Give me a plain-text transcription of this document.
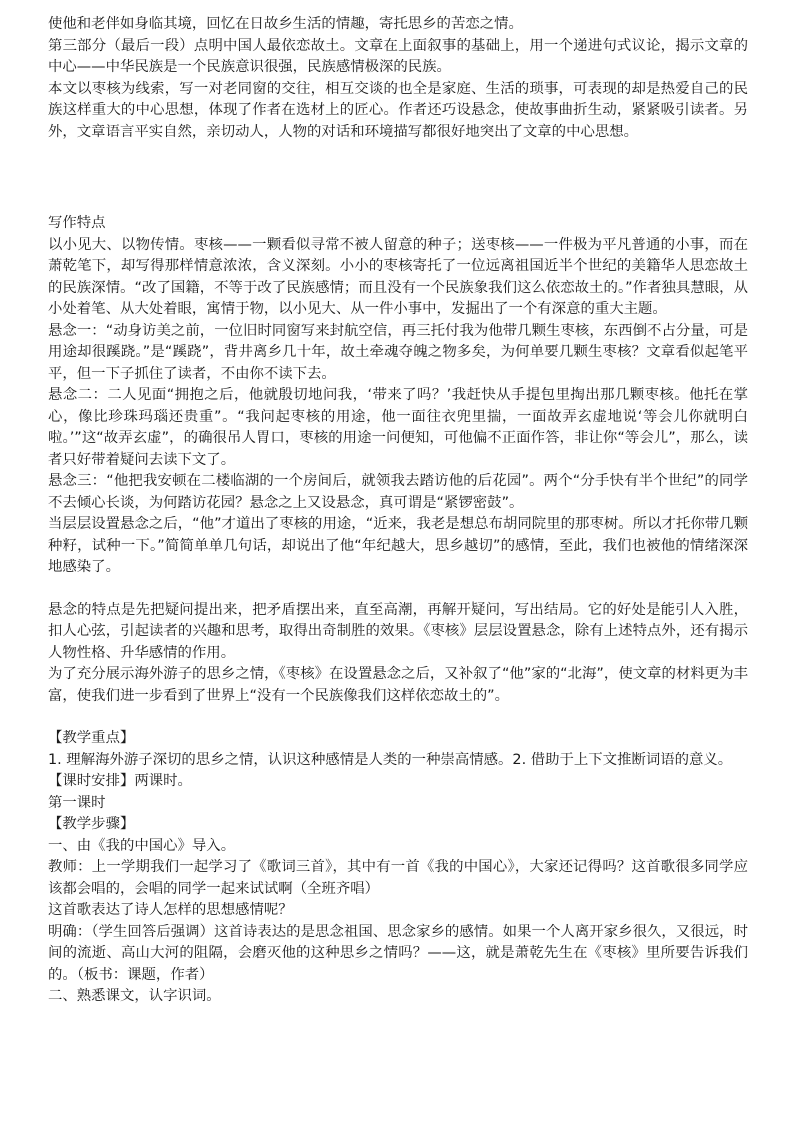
使他和老伴如身临其境，回忆在日故乡生活的情趣，寄托思乡的苦恋之情。

第三部分（最后一段）点明中国人最依恋故土。文章在上面叙事的基础上，用一个递进句式议论，揭示文章的中心——中华民族是一个民族意识很强，民族感情极深的民族。

本文以枣核为线索，写一对老同窗的交往，相互交谈的也全是家庭、生活的琐事，可表现的却是热爱自己的民族这样重大的中心思想，体现了作者在选材上的匠心。作者还巧设悬念，使故事曲折生动，紧紧吸引读者。另外，文章语言平实自然，亲切动人，人物的对话和环境描写都很好地突出了文章的中心思想。

写作特点

以小见大、以物传情。枣核——一颗看似寻常不被人留意的种子；送枣核——一件极为平凡普通的小事，而在萧乾笔下，却写得那样情意浓浓，含义深刻。小小的枣核寄托了一位远离祖国近半个世纪的美籍华人思恋故土的民族深情。“改了国籍，不等于改了民族感情；而且没有一个民族象我们这么依恋故土的。”作者独具慧眼，从小处着笔、从大处着眼，寓情于物，以小见大、从一件小事中，发掘出了一个有深意的重大主题。

悬念一：“动身访美之前，一位旧时同窗写来封航空信，再三托付我为他带几颗生枣核，东西倒不占分量，可是用途却很蹊跷。”是“蹊跷”，背井离乡几十年，故土牵魂夺魄之物多矣，为何单要几颗生枣核？文章看似起笔平平，但一下子抓住了读者，不由你不读下去。

悬念二：二人见面“拥抱之后，他就殷切地问我，‘带来了吗？’我赶快从手提包里掏出那几颗枣核。他托在掌心，像比珍珠玛瑙还贵重”。“我问起枣核的用途，他一面往衣兜里揣，一面故弄玄虚地说‘等会儿你就明白啦。’”这“故弄玄虚”，的确很吊人胃口，枣核的用途一问便知，可他偏不正面作答，非让你“等会儿”，那么，读者只好带着疑问去读下文了。

悬念三：“他把我安顿在二楼临湖的一个房间后，就领我去踏访他的后花园”。两个“分手快有半个世纪”的同学不去倾心长谈，为何踏访花园？悬念之上又设悬念，真可谓是“紧锣密鼓”。

当层层设置悬念之后，“他”才道出了枣核的用途，“近来，我老是想总布胡同院里的那枣树。所以才托你带几颗种籽，试种一下。”简简单单几句话，却说出了他“年纪越大，思乡越切”的感情，至此，我们也被他的情绪深深地感染了。

悬念的特点是先把疑问提出来，把矛盾摆出来，直至高潮，再解开疑问，写出结局。它的好处是能引人入胜，扣人心弦，引起读者的兴趣和思考，取得出奇制胜的效果。《枣核》层层设置悬念，除有上述特点外，还有揭示人物性格、升华感情的作用。

为了充分展示海外游子的思乡之情，《枣核》在设置悬念之后，又补叙了“他”家的“北海”，使文章的材料更为丰富，使我们进一步看到了世界上“没有一个民族像我们这样依恋故土的”。

【教学重点】

1. 理解海外游子深切的思乡之情，认识这种感情是人类的一种崇高情感。2. 借助于上下文推断词语的意义。

【课时安排】两课时。

第一课时

【教学步骤】

一、由《我的中国心》导入。

教师：上一学期我们一起学习了《歌词三首》，其中有一首《我的中国心》，大家还记得吗？这首歌很多同学应该都会唱的，会唱的同学一起来试试啊（全班齐唱）

这首歌表达了诗人怎样的思想感情呢？

明确：（学生回答后强调）这首诗表达的是思念祖国、思念家乡的感情。如果一个人离开家乡很久，又很远，时间的流逝、高山大河的阻隔，会磨灭他的这种思乡之情吗？——这，就是萧乾先生在《枣核》里所要告诉我们的。（板书：课题，作者）

二、熟悉课文，认字识词。
